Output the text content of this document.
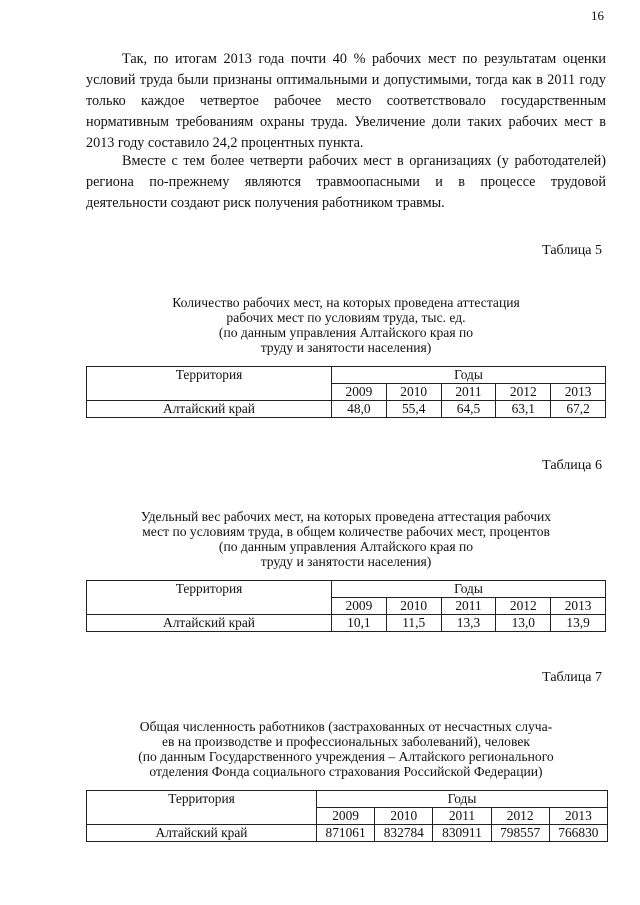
16

Так, по итогам 2013 года почти 40 % рабочих мест по результатам оценки условий труда были признаны оптимальными и допустимыми, тогда как в 2011 году только каждое четвертое рабочее место соответствовало государственным нормативным требованиям охраны труда. Увеличение доли таких рабочих мест в 2013 году составило 24,2 процентных пункта.

Вместе с тем более четверти рабочих мест в организациях (у работодателей) региона по-прежнему являются травмоопасными и в процессе трудовой деятельности создают риск получения работником травмы.

Таблица 5
Количество рабочих мест, на которых проведена аттестация
рабочих мест по условиям труда, тыс. ед.
(по данным управления Алтайского края по
труду и занятости населения)
Территория	Годы				
	2009	2010	2011	2012	2013
Алтайский край	48,0	55,4	64,5	63,1	67,2
Таблица 6
Удельный вес рабочих мест, на которых проведена аттестация рабочих
мест по условиям труда, в общем количестве рабочих мест, процентов
(по данным управления Алтайского края по
труду и занятости населения)
Территория	Годы				
	2009	2010	2011	2012	2013
Алтайский край	10,1	11,5	13,3	13,0	13,9
Таблица 7
Общая численность работников (застрахованных от несчастных случа-
ев на производстве и профессиональных заболеваний), человек
(по данным Государственного учреждения – Алтайского регионального
отделения Фонда социального страхования Российской Федерации)
Территория	Годы				
	2009	2010	2011	2012	2013
Алтайский край	871061	832784	830911	798557	766830
